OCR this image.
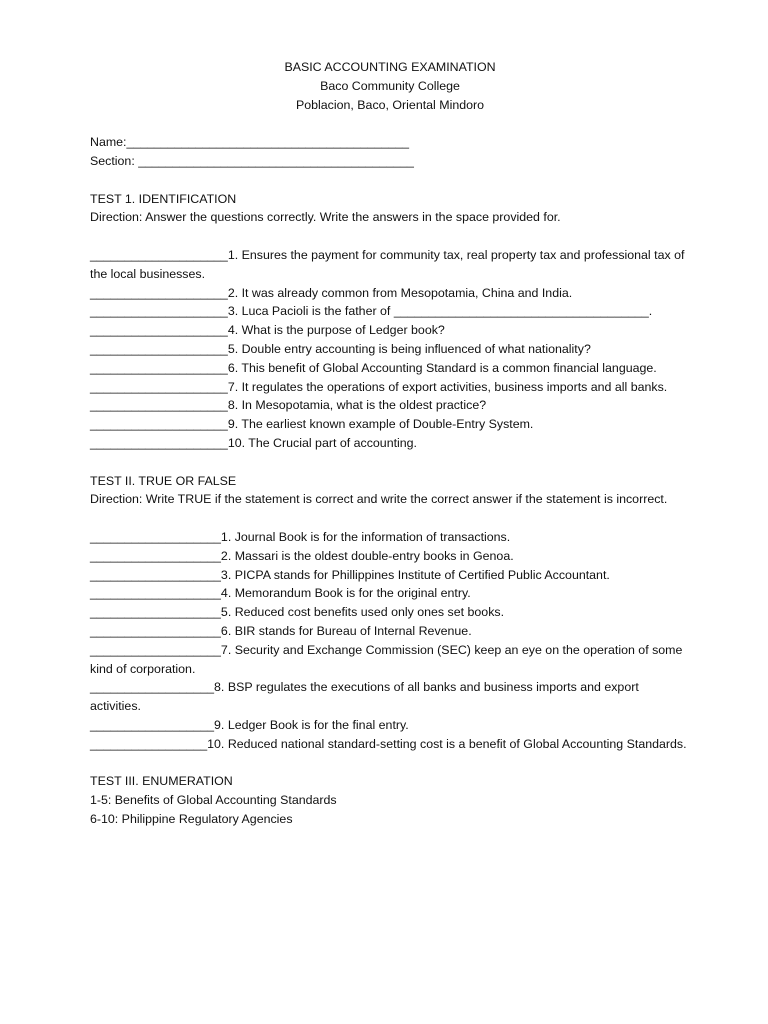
BASIC ACCOUNTING EXAMINATION

Baco Community College

Poblacion, Baco, Oriental Mindoro

Name:_________________________________________

Section: ________________________________________

TEST 1. IDENTIFICATION

Direction: Answer the questions correctly. Write the answers in the space provided for.

____________________1. Ensures the payment for community tax, real property tax and professional tax of the local businesses.

____________________2. It was already common from Mesopotamia, China and India.

____________________3. Luca Pacioli is the father of _____________________________________.

____________________4. What is the purpose of Ledger book?

____________________5. Double entry accounting is being influenced of what nationality?

____________________6. This benefit of Global Accounting Standard is a common financial language.

____________________7. It regulates the operations of export activities, business imports and all banks.

____________________8. In Mesopotamia, what is the oldest practice?

____________________9. The earliest known example of Double-Entry System.

____________________10. The Crucial part of accounting.

TEST II. TRUE OR FALSE

Direction: Write TRUE if the statement is correct and write the correct answer if the statement is incorrect.

___________________1. Journal Book is for the information of transactions.

___________________2. Massari is the oldest double-entry books in Genoa.

___________________3. PICPA stands for Phillippines Institute of Certified Public Accountant.

___________________4. Memorandum Book is for the original entry.

___________________5. Reduced cost benefits used only ones set books.

___________________6. BIR stands for Bureau of Internal Revenue.

___________________7. Security and Exchange Commission (SEC) keep an eye on the operation of some kind of corporation.

__________________8. BSP regulates the executions of all banks and business imports and export activities.

__________________9. Ledger Book is for the final entry.

_________________10. Reduced national standard-setting cost is a benefit of Global Accounting Standards.

TEST III. ENUMERATION

1-5: Benefits of Global Accounting Standards

6-10: Philippine Regulatory Agencies
